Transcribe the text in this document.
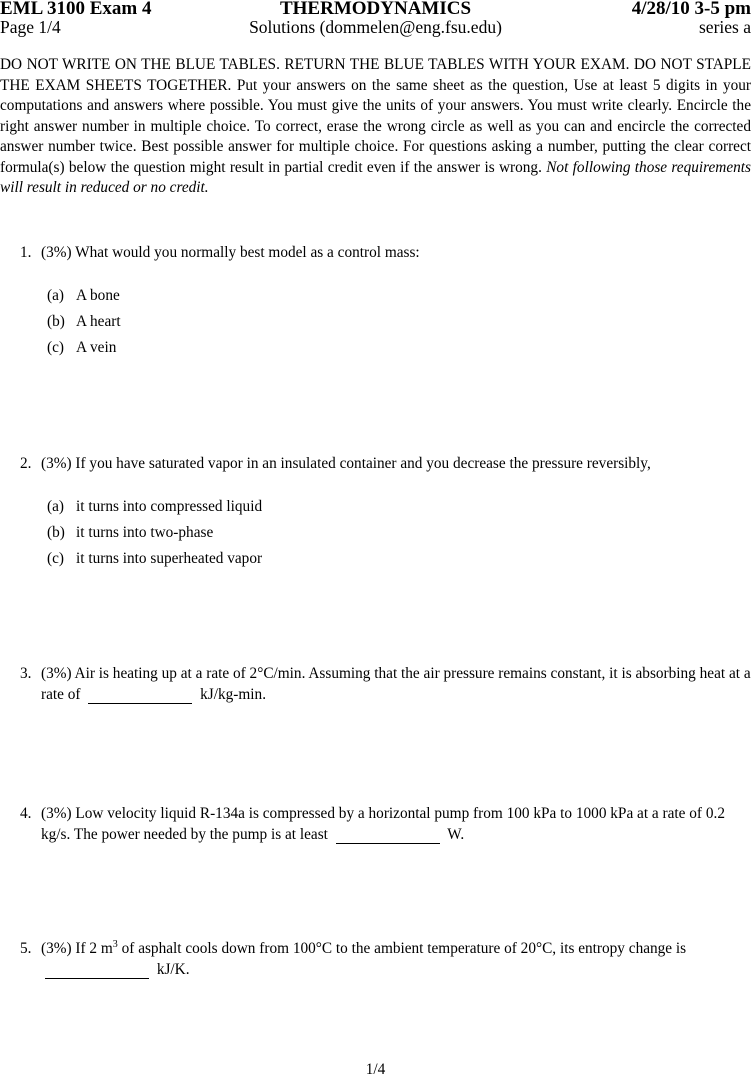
EML 3100 Exam 4	THERMODYNAMICS	4/28/10 3-5 pm
Page 1/4	Solutions (dommelen@eng.fsu.edu)	series a
DO NOT WRITE ON THE BLUE TABLES. RETURN THE BLUE TABLES WITH YOUR EXAM. DO NOT STAPLE THE EXAM SHEETS TOGETHER. Put your answers on the same sheet as the question, Use at least 5 digits in your computations and answers where possible. You must give the units of your answers. You must write clearly. Encircle the right answer number in multiple choice. To correct, erase the wrong circle as well as you can and encircle the corrected answer number twice. Best possible answer for multiple choice. For questions asking a number, putting the clear correct formula(s) below the question might result in partial credit even if the answer is wrong. Not following those requirements will result in reduced or no credit.
1. (3%) What would you normally best model as a control mass:
(a) A bone
(b) A heart
(c) A vein
2. (3%) If you have saturated vapor in an insulated container and you decrease the pressure reversibly,
(a) it turns into compressed liquid
(b) it turns into two-phase
(c) it turns into superheated vapor
3. (3%) Air is heating up at a rate of 2°C/min. Assuming that the air pressure remains constant, it is absorbing heat at a rate of	kJ/kg-min.
4. (3%) Low velocity liquid R-134a is compressed by a horizontal pump from 100 kPa to 1000 kPa at a rate of 0.2 kg/s. The power needed by the pump is at least	W.
5. (3%) If 2 $m^3$ of asphalt cools down from 100°C to the ambient temperature of 20°C, its entropy change is  kJ/K.
1/4
